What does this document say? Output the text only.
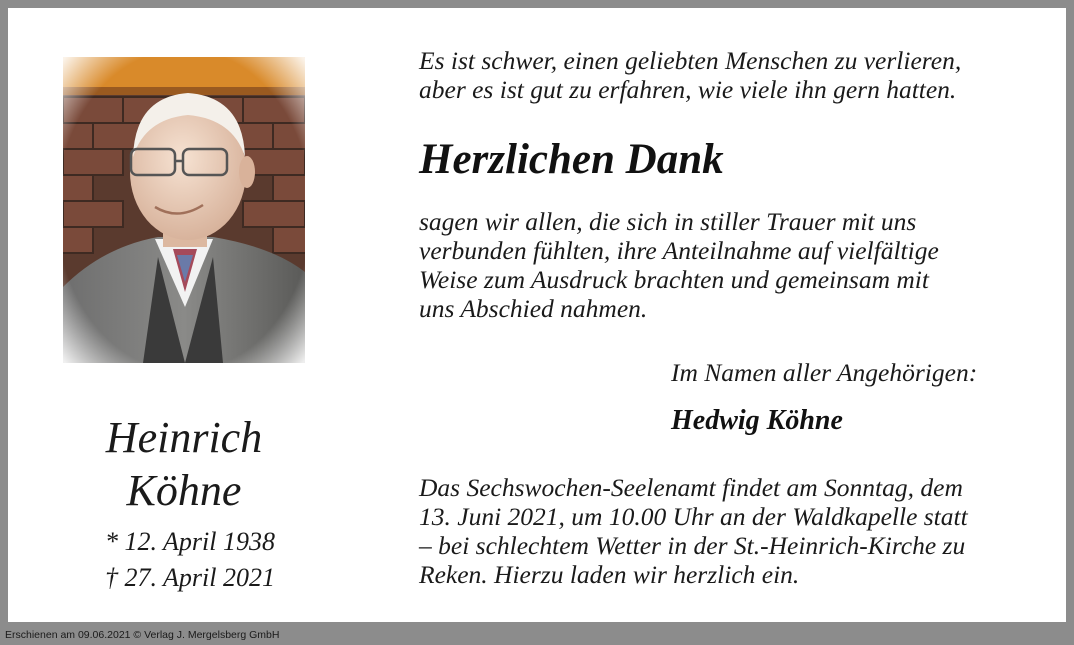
Heinrich
Köhne
* 12. April 1938
† 27. April 2021
Es ist schwer, einen geliebten Menschen zu verlieren,
aber es ist gut zu erfahren, wie viele ihn gern hatten.
Herzlichen Dank
sagen wir allen, die sich in stiller Trauer mit uns
verbunden fühlten, ihre Anteilnahme auf vielfältige
Weise zum Ausdruck brachten und gemeinsam mit
uns Abschied nahmen.
Im Namen aller Angehörigen:
Hedwig Köhne
Das Sechswochen-Seelenamt findet am Sonntag, dem
13. Juni 2021, um 10.00 Uhr an der Waldkapelle statt
– bei schlechtem Wetter in der St.-Heinrich-Kirche zu
Reken. Hierzu laden wir herzlich ein.
Erschienen am 09.06.2021 © Verlag J. Mergelsberg GmbH
